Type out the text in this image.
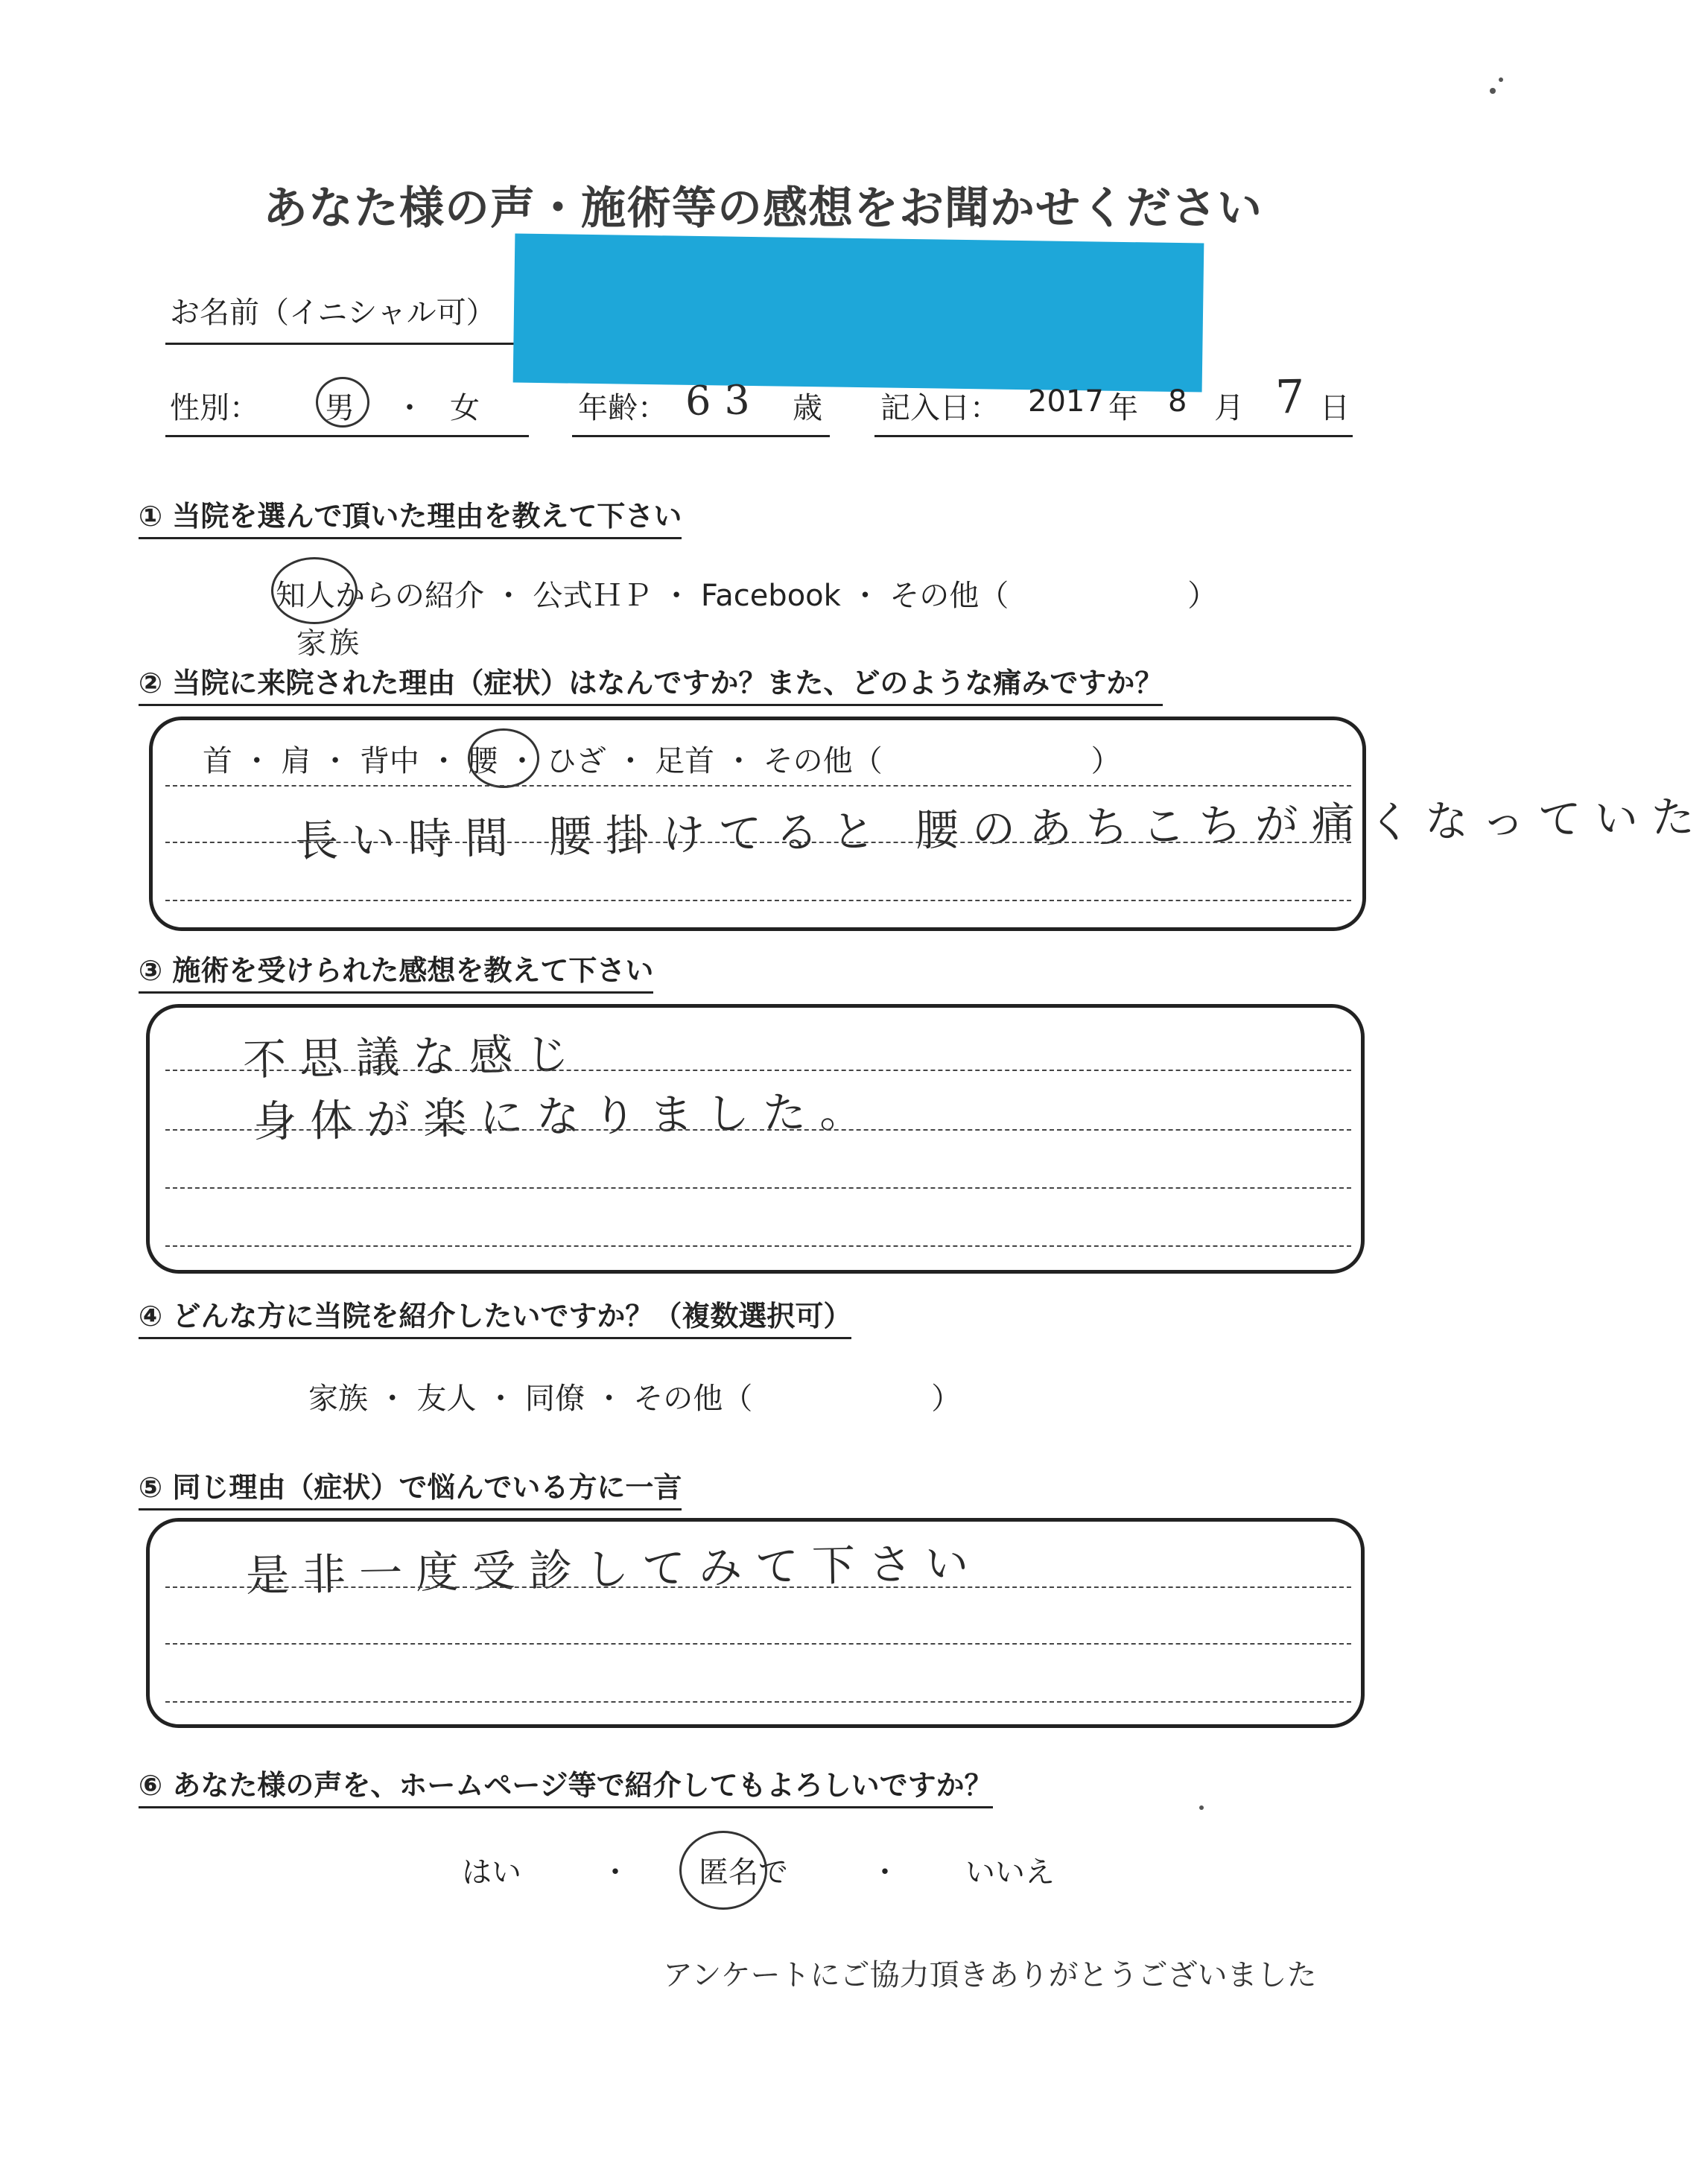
あなた様の声・施術等の感想をお聞かせください
お名前（イニシャル可）
性別： 男 ・ 女	年齢： 63 歳 記入日： 2017 年 8 月 7 日
① 当院を選んで頂いた理由を教えて下さい
知人からの紹介 ・ 公式ＨＰ ・ Facebook ・ その他（　　　　　　）
家族
② 当院に来院された理由（症状）はなんですか？また、どのような痛みですか？
首 ・ 肩 ・ 背中 ・ 腰 ・ ひざ ・ 足首 ・ その他（　　　　　　　）
長い時間 腰掛けてると 腰のあちこちが痛くなっていた
③ 施術を受けられた感想を教えて下さい
不思議な感じ
身体が楽になりました。
④ どんな方に当院を紹介したいですか？（複数選択可）
家族 ・ 友人 ・ 同僚 ・ その他（　　　　　　）
⑤ 同じ理由（症状）で悩んでいる方に一言
是非一度受診してみて下さい
⑥ あなた様の声を、ホームページ等で紹介してもよろしいですか？
はい	・ 匿名で	・ いいえ
アンケートにご協力頂きありがとうございました
